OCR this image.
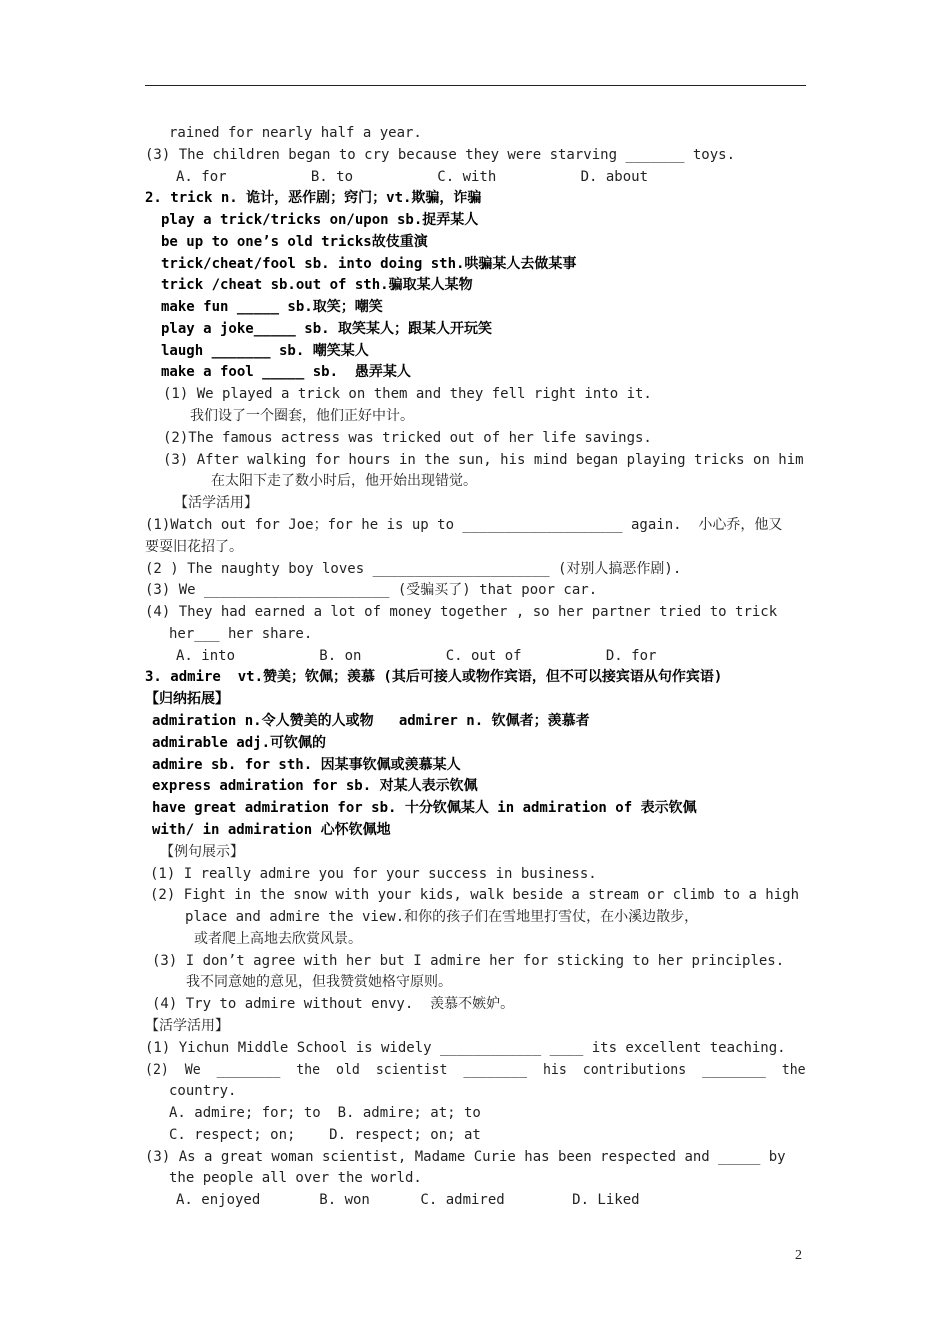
rained for nearly half a year.
(3) The children began to cry because they were starving _______ toys.
A. for          B. to          C. with          D. about
2. trick n. 诡计，恶作剧；窍门；vt.欺骗，诈骗
play a trick/tricks on/upon sb.捉弄某人
be up to one’s old tricks故伎重演
trick/cheat/fool sb. into doing sth.哄骗某人去做某事
trick /cheat sb.out of sth.骗取某人某物
make fun _____ sb.取笑；嘲笑
play a joke_____ sb. 取笑某人；跟某人开玩笑
laugh _______ sb. 嘲笑某人
make a fool _____ sb.  愚弄某人
(1) We played a trick on them and they fell right into it.
我们设了一个圈套，他们正好中计。
(2)The famous actress was tricked out of her life savings.
(3) After walking for hours in the sun, his mind began playing tricks on him
在太阳下走了数小时后，他开始出现错觉。
【活学活用】
(1)Watch out for Joe；for he is up to ___________________ again.  小心乔，他又
要耍旧花招了。
(2 ) The naughty boy loves _____________________ (对别人搞恶作剧).
(3) We ______________________ (受骗买了) that poor car.
(4) They had earned a lot of money together , so her partner tried to trick
her___ her share.
A. into          B. on          C. out of          D. for
3. admire  vt.赞美；钦佩；羡慕 (其后可接人或物作宾语，但不可以接宾语从句作宾语)
【归纳拓展】
admiration n.令人赞美的人或物   admirer n. 钦佩者；羡慕者
admirable adj.可钦佩的
admire sb. for sth. 因某事钦佩或羡慕某人
express admiration for sb. 对某人表示钦佩
have great admiration for sb. 十分钦佩某人 in admiration of 表示钦佩
with/ in admiration 心怀钦佩地
【例句展示】
(1) I really admire you for your success in business.
(2) Fight in the snow with your kids, walk beside a stream or climb to a high
place and admire the view.和你的孩子们在雪地里打雪仗，在小溪边散步，
或者爬上高地去欣赏风景。
(3) I don’t agree with her but I admire her for sticking to her principles.
我不同意她的意见，但我赞赏她格守原则。
(4) Try to admire without envy.  羡慕不嫉妒。
【活学活用】
(1) Yichun Middle School is widely ____________ ____ its excellent teaching.
(2)  We  ________  the  old  scientist  ________  his  contributions  ________  the
country.
A. admire; for; to  B. admire; at; to
C. respect; on;    D. respect; on; at
(3) As a great woman scientist, Madame Curie has been respected and _____ by
the people all over the world.
A. enjoyed       B. won      C. admired        D. Liked
2
